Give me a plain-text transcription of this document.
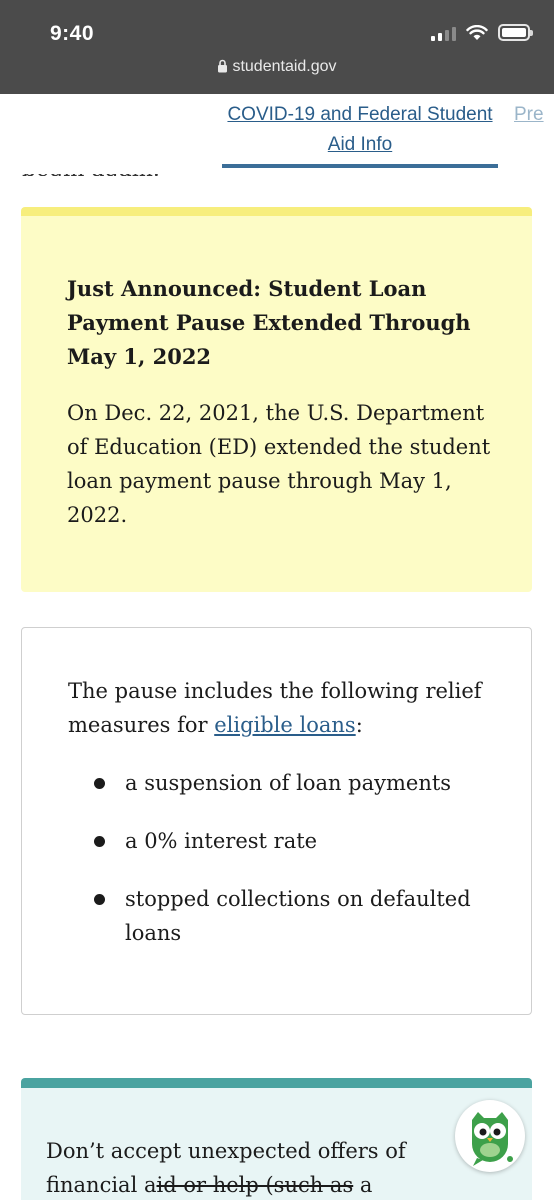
9:40
studentaid.gov
COVID-19 and Federal Student Aid Info
Pre
Just Announced: Student Loan Payment Pause Extended Through May 1, 2022
On Dec. 22, 2021, the U.S. Department of Education (ED) extended the student loan payment pause through May 1, 2022.

The pause includes the following relief measures for eligible loans:

a suspension of loan payments
a 0% interest rate
stopped collections on defaulted loans

Don’t accept unexpected offers of financial aid or help (such as a
